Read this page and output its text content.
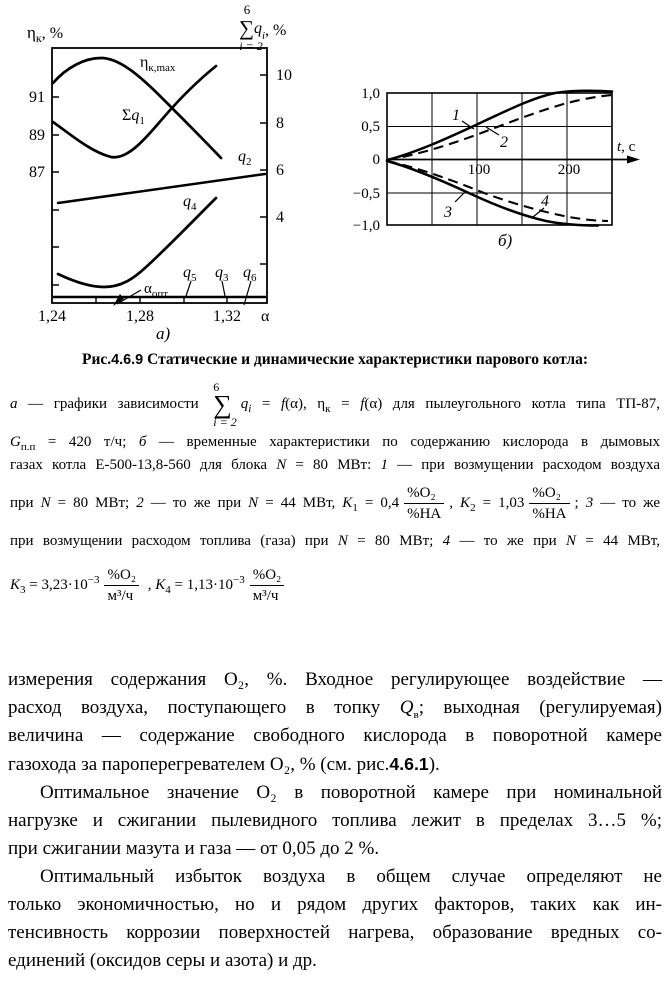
$\eta_к$, %
6
$\sum q_i$, %
i = 2
91
89
87
10
8
6
4
1,24	1,28	1,32 α
$\eta_{к,max}$
$\Sigma q_1$
$q_2$
$q_4$
$q_5$ $q_3$ $q_6$
$\alpha_{опт}$
а)
1,0
0,5
0
−0,5
−1,0
100	200
t, с
1
2
3
4
б)
Рис.4.6.9 Статические и динамические характеристики парового котла:
а — графики зависимости
6
∑
i = 2
$q_i = f(\alpha)$, $\eta_к = f(\alpha)$ для пылеугольного котла типа ТП-87,
$G_{п.п} = 420$ т/ч; б — временные характеристики по содержанию кислорода в дымовых
газах котла Е-500-13,8-560 для блока N = 80 МВт: 1 — при возмущении расходом воздуха
при N = 80 МВт; 2 — то же при N = 44 МВт, $K_1 = 0,4 \frac{\text{\%O₂}}{\%НА}$ , $K_2 = 1,03 \frac{\text{\%O₂}}{\%НА}$ ; 3 — то же
при возмущении расходом топлива (газа) при N = 80 МВт; 4 — то же при N = 44 МВт,
$K_3 = 3,23\cdot 10^{-3} \frac{\text{\%O₂}}{\text{м³/ч}}$ , $K_4 = 1,13\cdot 10^{-3} \frac{\text{\%O₂}}{\text{м³/ч}}$
измерения содержания O₂, %. Входное регулирующее воздействие —
расход воздуха, поступающего в топку $Q_в$; выходная (регулируемая)
величина — содержание свободного кислорода в поворотной камере
газохода за пароперегревателем O₂, % (см. рис.4.6.1).
Оптимальное значение O₂ в поворотной камере при номинальной
нагрузке и сжигании пылевидного топлива лежит в пределах 3…5 %;
при сжигании мазута и газа — от 0,05 до 2 %.
Оптимальный избыток воздуха в общем случае определяют не
только экономичностью, но и рядом других факторов, таких как ин-
тенсивность коррозии поверхностей нагрева, образование вредных со-
единений (оксидов серы и азота) и др.
